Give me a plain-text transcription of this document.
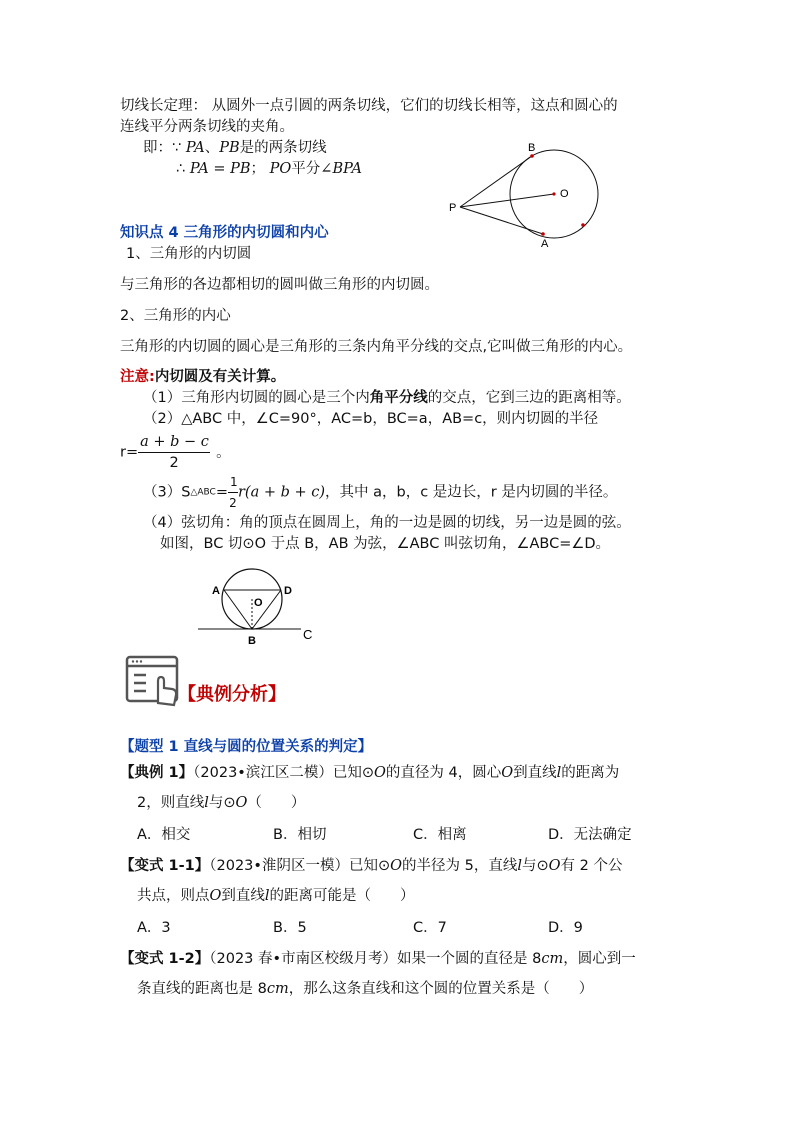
切线长定理： 从圆外一点引圆的两条切线，它们的切线长相等，这点和圆心的
连线平分两条切线的夹角。
即：∵ PA、PB是的两条切线
∴ PA = PB； PO平分∠BPA
B
O
P
A
知识点 4 三角形的内切圆和内心
1、三角形的内切圆
与三角形的各边都相切的圆叫做三角形的内切圆。
2、三角形的内心
三角形的内切圆的圆心是三角形的三条内角平分线的交点,它叫做三角形的内心。
注意:内切圆及有关计算。
（1）三角形内切圆的圆心是三个内角平分线的交点，它到三边的距离相等。
（2）△ABC 中，∠C=90°，AC=b，BC=a，AB=c，则内切圆的半径
$r= \frac{a + b - c}{2}$ 。
（3）S△ABC= $\frac{1}{2} r(a + b + c)$，其中 a，b，c 是边长，r 是内切圆的半径。
（4）弦切角：角的顶点在圆周上，角的一边是圆的切线，另一边是圆的弦。
如图，BC 切⊙O 于点 B，AB 为弦，∠ABC 叫弦切角，∠ABC=∠D。
A
O
D
B	C
【典例分析】
【题型 1 直线与圆的位置关系的判定】
【典例 1】（2023•滨江区二模）已知⊙O的直径为 4，圆心O到直线l的距离为
2，则直线l与⊙O（　　）
A．相交	B．相切	C．相离	D．无法确定
【变式 1-1】（2023•淮阴区一模）已知⊙O的半径为 5，直线l与⊙O有 2 个公
共点，则点O到直线l的距离可能是（　　）
A．3	B．5	C．7	D．9
【变式 1-2】（2023 春•市南区校级月考）如果一个圆的直径是 8cm，圆心到一
条直线的距离也是 8cm，那么这条直线和这个圆的位置关系是（　　）
